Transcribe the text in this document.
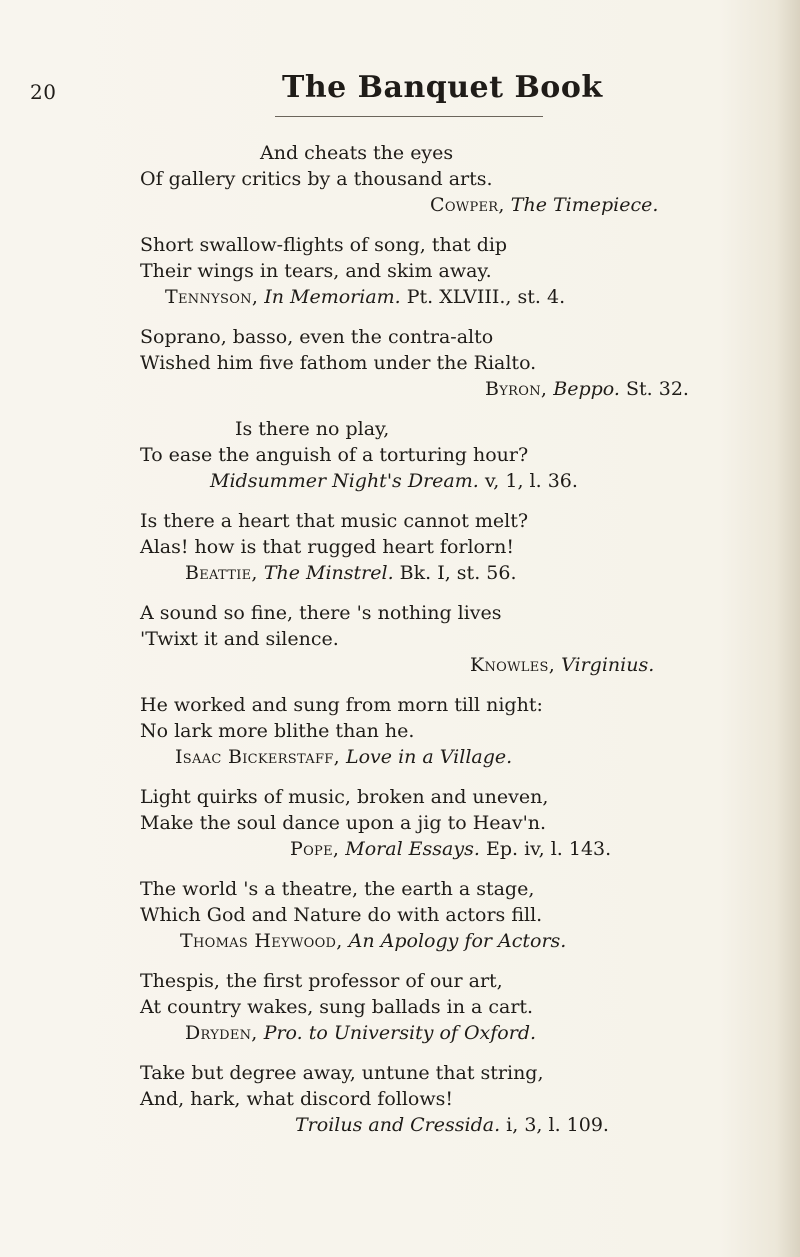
20	The Banquet Book
And cheats the eyes
Of gallery critics by a thousand arts.
Cowper, The Timepiece.
Short swallow-flights of song, that dip
Their wings in tears, and skim away.
Tennyson, In Memoriam. Pt. XLVIII., st. 4.
Soprano, basso, even the contra-alto
Wished him five fathom under the Rialto.
Byron, Beppo. St. 32.
Is there no play,
To ease the anguish of a torturing hour?
Midsummer Night's Dream. v, 1, l. 36.
Is there a heart that music cannot melt?
Alas! how is that rugged heart forlorn!
Beattie, The Minstrel. Bk. I, st. 56.
A sound so fine, there 's nothing lives
'Twixt it and silence.
Knowles, Virginius.
He worked and sung from morn till night:
No lark more blithe than he.
Isaac Bickerstaff, Love in a Village.
Light quirks of music, broken and uneven,
Make the soul dance upon a jig to Heav'n.
Pope, Moral Essays. Ep. iv, l. 143.
The world 's a theatre, the earth a stage,
Which God and Nature do with actors fill.
Thomas Heywood, An Apology for Actors.
Thespis, the first professor of our art,
At country wakes, sung ballads in a cart.
Dryden, Pro. to University of Oxford.
Take but degree away, untune that string,
And, hark, what discord follows!
Troilus and Cressida. i, 3, l. 109.
